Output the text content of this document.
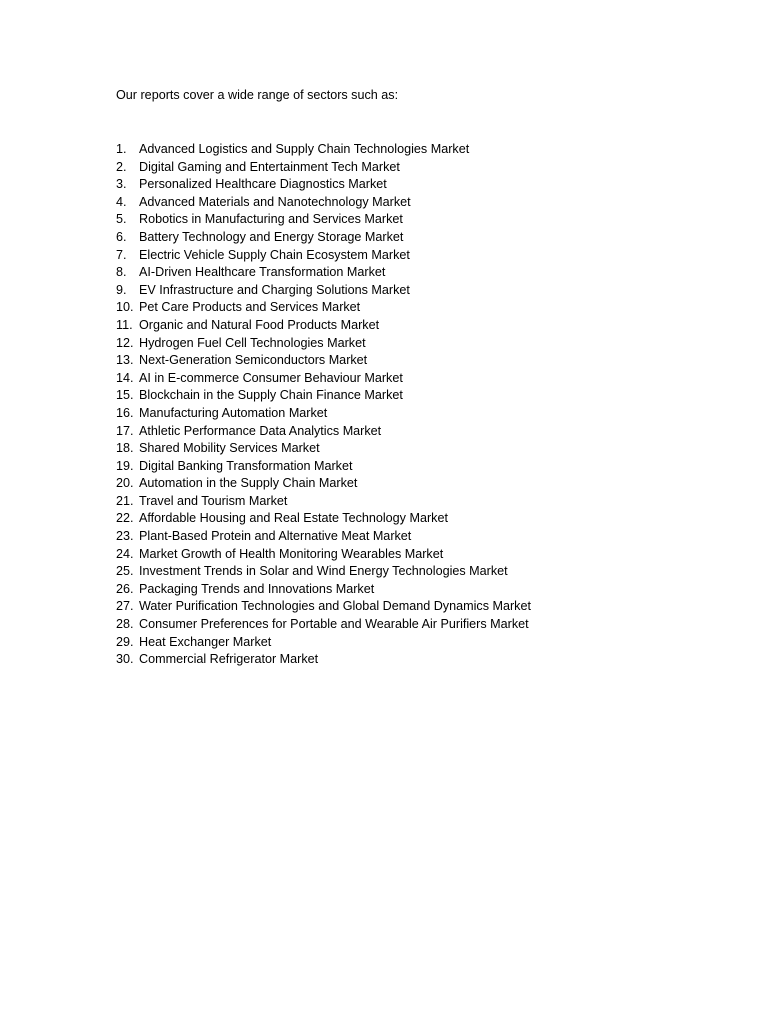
Our reports cover a wide range of sectors such as:
1. Advanced Logistics and Supply Chain Technologies Market
2. Digital Gaming and Entertainment Tech Market
3. Personalized Healthcare Diagnostics Market
4. Advanced Materials and Nanotechnology Market
5. Robotics in Manufacturing and Services Market
6. Battery Technology and Energy Storage Market
7. Electric Vehicle Supply Chain Ecosystem Market
8. AI-Driven Healthcare Transformation Market
9. EV Infrastructure and Charging Solutions Market
10. Pet Care Products and Services Market
11. Organic and Natural Food Products Market
12. Hydrogen Fuel Cell Technologies Market
13. Next-Generation Semiconductors Market
14. AI in E-commerce Consumer Behaviour Market
15. Blockchain in the Supply Chain Finance Market
16. Manufacturing Automation Market
17. Athletic Performance Data Analytics Market
18. Shared Mobility Services Market
19. Digital Banking Transformation Market
20. Automation in the Supply Chain Market
21. Travel and Tourism Market
22. Affordable Housing and Real Estate Technology Market
23. Plant-Based Protein and Alternative Meat Market
24. Market Growth of Health Monitoring Wearables Market
25. Investment Trends in Solar and Wind Energy Technologies Market
26. Packaging Trends and Innovations Market
27. Water Purification Technologies and Global Demand Dynamics Market
28. Consumer Preferences for Portable and Wearable Air Purifiers Market
29. Heat Exchanger Market
30. Commercial Refrigerator Market
